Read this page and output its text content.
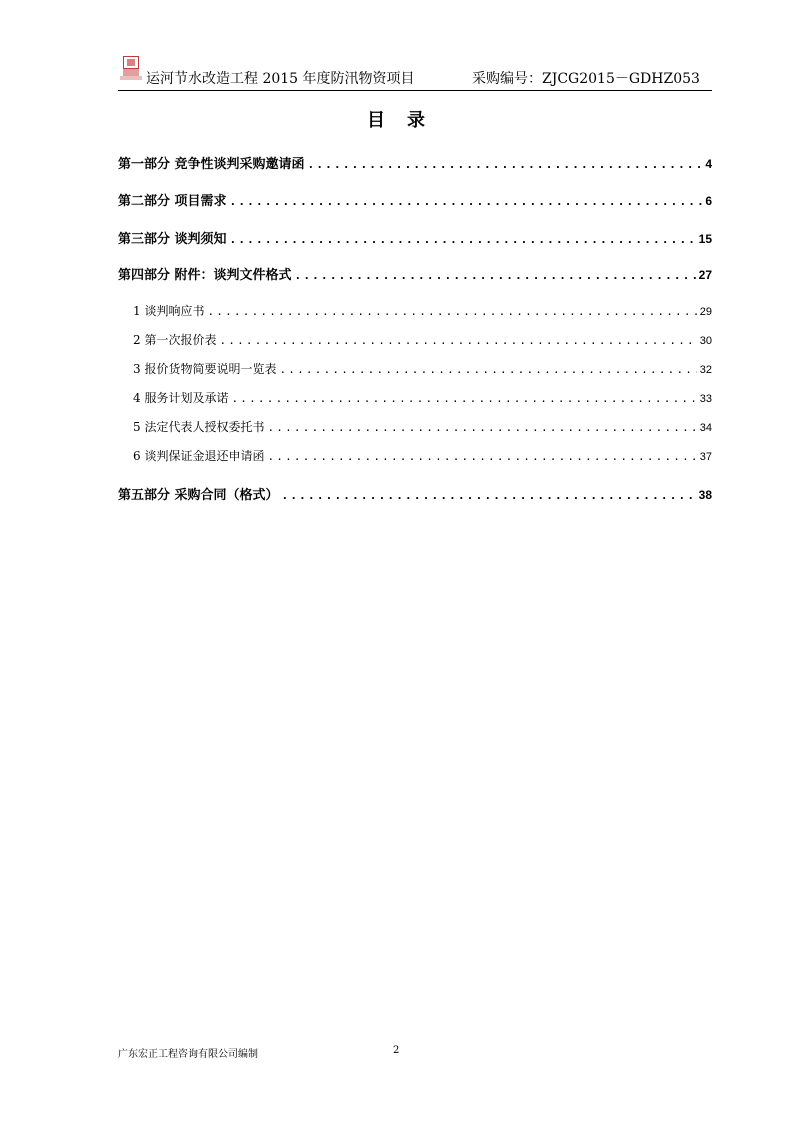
运河节水改造工程 2015 年度防汛物资项目	采购编号：ZJCG2015－GDHZ053
目　录
第一部分 竞争性谈判采购邀请函 .....	4
第二部分 项目需求 .....	6
第三部分 谈判须知 .....	15
第四部分 附件：谈判文件格式 .....	27
1 谈判响应书 .....	29
2 第一次报价表 .....	30
3 报价货物简要说明一览表 .....	32
4 服务计划及承诺 .....	33
5 法定代表人授权委托书 .....	34
6 谈判保证金退还申请函 .....	37
第五部分 采购合同（格式） .....	38
广东宏正工程咨询有限公司编制	2
